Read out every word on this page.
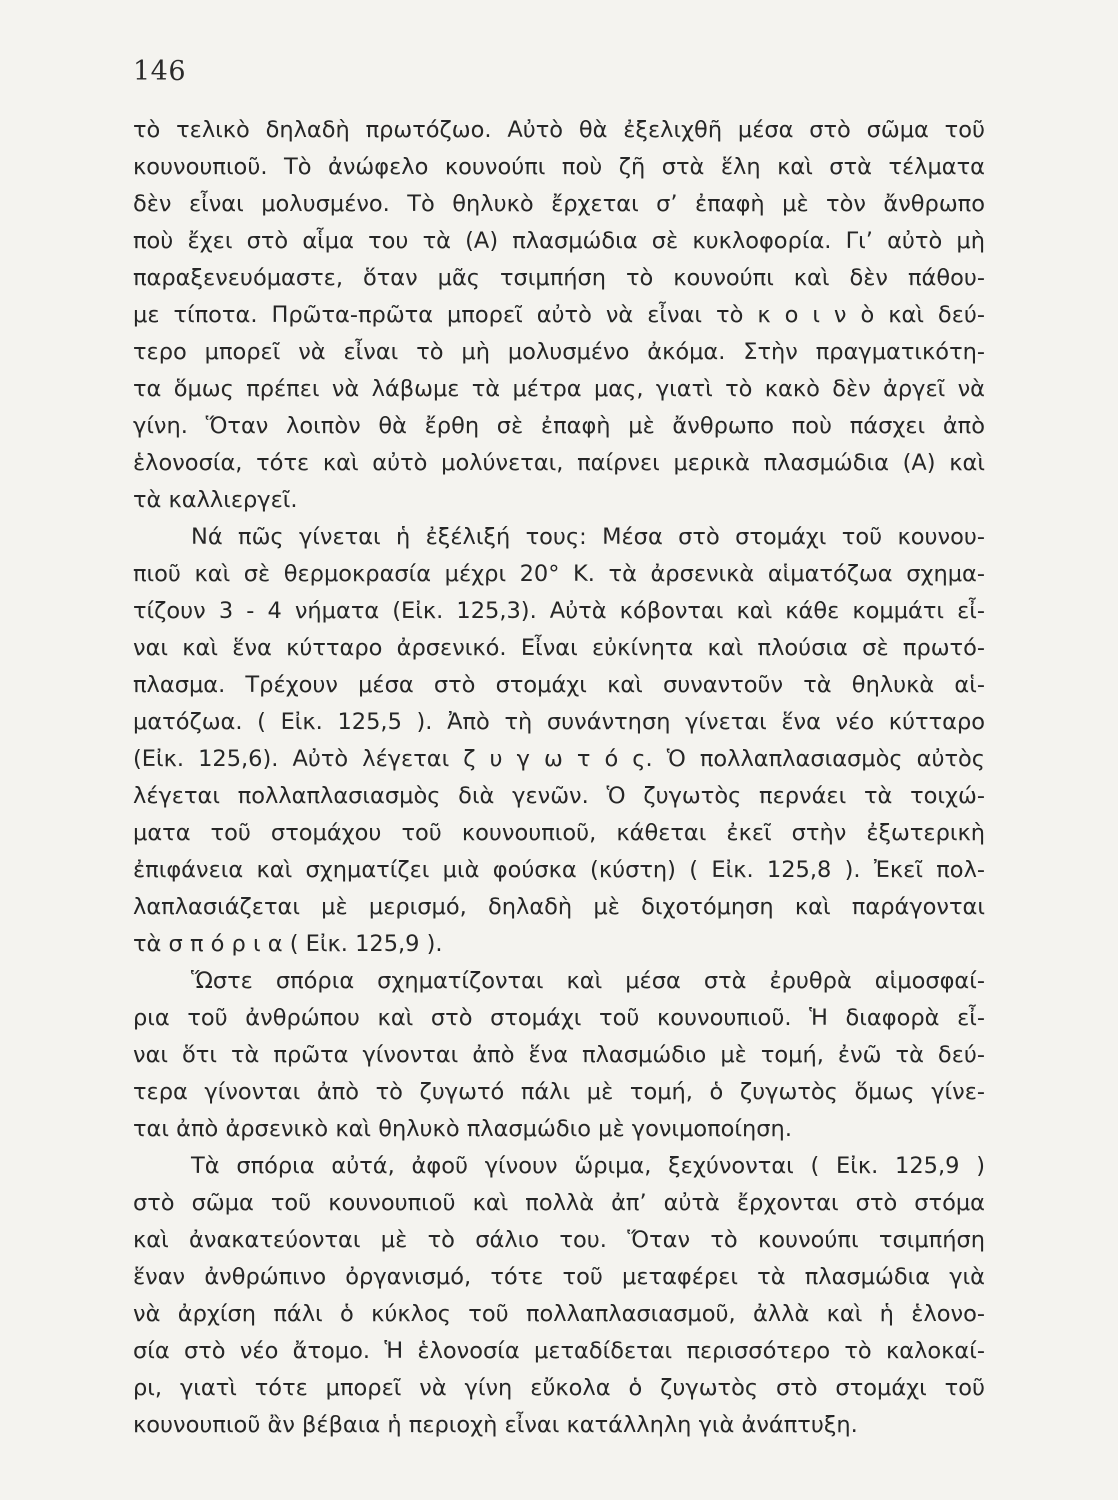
146
τὸ τελικὸ δηλαδὴ πρωτόζωο. Αὐτὸ θὰ ἐξελιχθῆ μέσα στὸ σῶμα τοῦ
κουνουπιοῦ. Τὸ ἀνώφελο κουνούπι ποὺ ζῆ στὰ ἕλη καὶ στὰ τέλματα
δὲν εἶναι μολυσμένο. Τὸ θηλυκὸ ἔρχεται σ’ ἐπαφὴ μὲ τὸν ἄνθρωπο
ποὺ ἔχει στὸ αἷμα του τὰ (Α) πλασμώδια σὲ κυκλοφορία. Γι’ αὐτὸ μὴ
παραξενευόμαστε, ὅταν μᾶς τσιμπήση τὸ κουνούπι καὶ δὲν πάθου-
με τίποτα. Πρῶτα-πρῶτα μπορεῖ αὐτὸ νὰ εἶναι τὸ κ ο ι ν ὸ καὶ δεύ-
τερο μπορεῖ νὰ εἶναι τὸ μὴ μολυσμένο ἀκόμα. Στὴν πραγματικότη-
τα ὅμως πρέπει νὰ λάβωμε τὰ μέτρα μας, γιατὶ τὸ κακὸ δὲν ἀργεῖ νὰ
γίνη. Ὅταν λοιπὸν θὰ ἔρθη σὲ ἐπαφὴ μὲ ἄνθρωπο ποὺ πάσχει ἀπὸ
ἑλονοσία, τότε καὶ αὐτὸ μολύνεται, παίρνει μερικὰ πλασμώδια (Α) καὶ
τὰ καλλιεργεῖ.
Νά πῶς γίνεται ἡ ἐξέλιξή τους: Μέσα στὸ στομάχι τοῦ κουνου-
πιοῦ καὶ σὲ θερμοκρασία μέχρι 20° Κ. τὰ ἀρσενικὰ αἱματόζωα σχημα-
τίζουν 3 - 4 νήματα (Εἰκ. 125,3). Αὐτὰ κόβονται καὶ κάθε κομμάτι εἶ-
ναι καὶ ἕνα κύτταρο ἀρσενικό. Εἶναι εὐκίνητα καὶ πλούσια σὲ πρωτό-
πλασμα. Τρέχουν μέσα στὸ στομάχι καὶ συναντοῦν τὰ θηλυκὰ αἱ-
ματόζωα. ( Εἰκ. 125,5 ). Ἀπὸ τὴ συνάντηση γίνεται ἕνα νέο κύτταρο
(Εἰκ. 125,6). Αὐτὸ λέγεται ζ υ γ ω τ ό ς. Ὁ πολλαπλασιασμὸς αὐτὸς
λέγεται πολλαπλασιασμὸς διὰ γενῶν. Ὁ ζυγωτὸς περνάει τὰ τοιχώ-
ματα τοῦ στομάχου τοῦ κουνουπιοῦ, κάθεται ἐκεῖ στὴν ἐξωτερικὴ
ἐπιφάνεια καὶ σχηματίζει μιὰ φούσκα (κύστη) ( Εἰκ. 125,8 ). Ἐκεῖ πολ-
λαπλασιάζεται μὲ μερισμό, δηλαδὴ μὲ διχοτόμηση καὶ παράγονται
τὰ σ π ό ρ ι α ( Εἰκ. 125,9 ).
Ὥστε σπόρια σχηματίζονται καὶ μέσα στὰ ἐρυθρὰ αἱμοσφαί-
ρια τοῦ ἀνθρώπου καὶ στὸ στομάχι τοῦ κουνουπιοῦ. Ἡ διαφορὰ εἶ-
ναι ὅτι τὰ πρῶτα γίνονται ἀπὸ ἕνα πλασμώδιο μὲ τομή, ἐνῶ τὰ δεύ-
τερα γίνονται ἀπὸ τὸ ζυγωτό πάλι μὲ τομή, ὁ ζυγωτὸς ὅμως γίνε-
ται ἀπὸ ἀρσενικὸ καὶ θηλυκὸ πλασμώδιο μὲ γονιμοποίηση.
Τὰ σπόρια αὐτά, ἀφοῦ γίνουν ὥριμα, ξεχύνονται ( Εἰκ. 125,9 )
στὸ σῶμα τοῦ κουνουπιοῦ καὶ πολλὰ ἀπ’ αὐτὰ ἔρχονται στὸ στόμα
καὶ ἀνακατεύονται μὲ τὸ σάλιο του. Ὅταν τὸ κουνούπι τσιμπήση
ἕναν ἀνθρώπινο ὀργανισμό, τότε τοῦ μεταφέρει τὰ πλασμώδια γιὰ
νὰ ἀρχίση πάλι ὁ κύκλος τοῦ πολλαπλασιασμοῦ, ἀλλὰ καὶ ἡ ἑλονο-
σία στὸ νέο ἄτομο. Ἡ ἑλονοσία μεταδίδεται περισσότερο τὸ καλοκαί-
ρι, γιατὶ τότε μπορεῖ νὰ γίνη εὔκολα ὁ ζυγωτὸς στὸ στομάχι τοῦ
κουνουπιοῦ ἂν βέβαια ἡ περιοχὴ εἶναι κατάλληλη γιὰ ἀνάπτυξη.
